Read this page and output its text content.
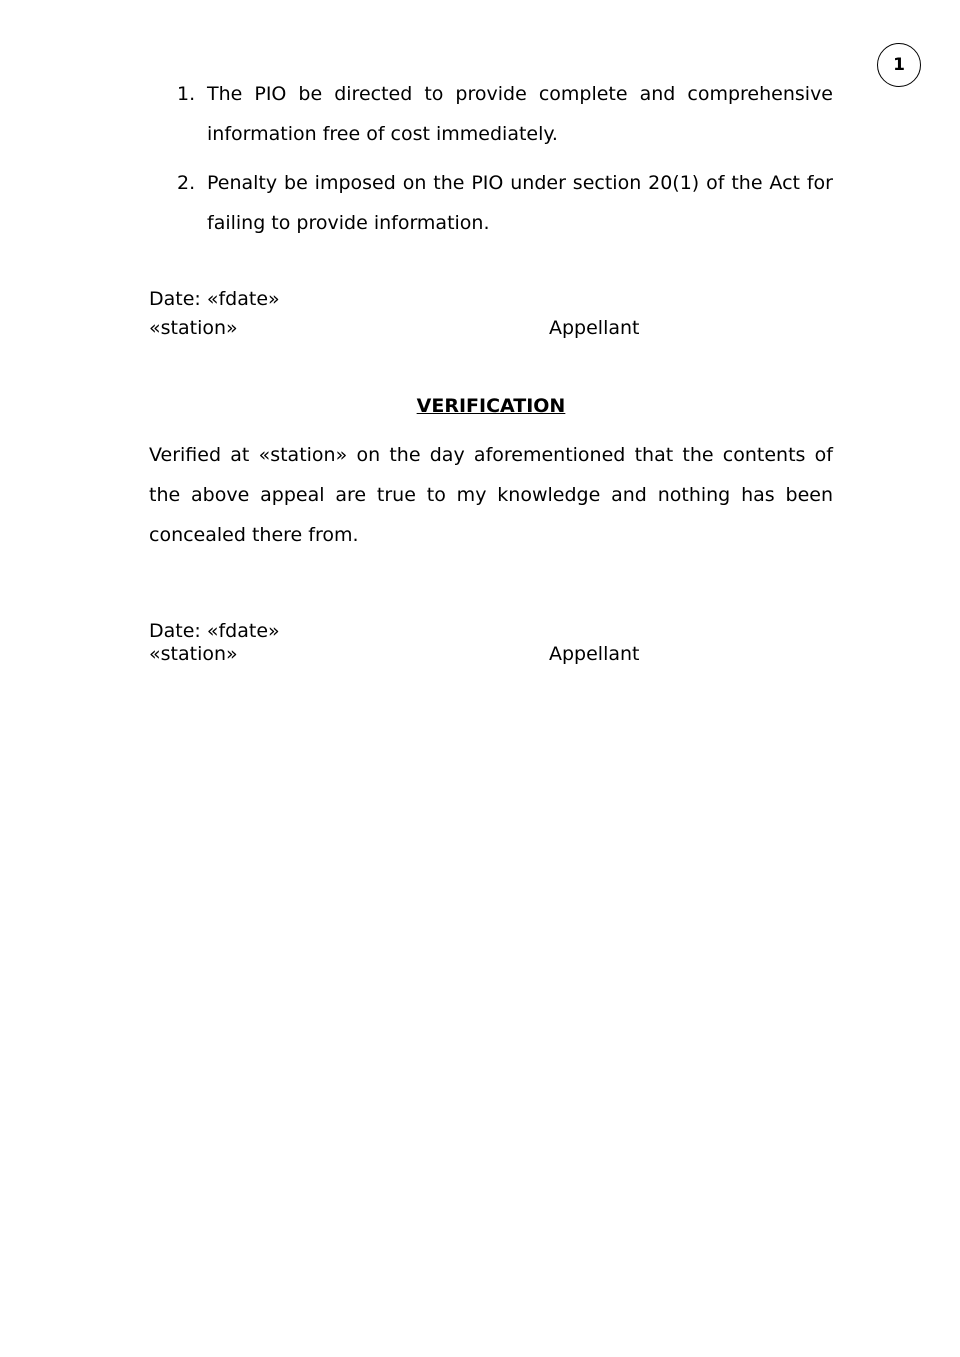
1
1. The PIO be directed to provide complete and comprehensive information free of cost immediately.
2. Penalty be imposed on the PIO under section 20(1) of the Act for failing to provide information.
Date: «fdate»
«station»	Appellant
VERIFICATION

Verified at «station» on the day aforementioned that the contents of the above appeal are true to my knowledge and nothing has been concealed there from.

Date: «fdate»
«station»	Appellant
